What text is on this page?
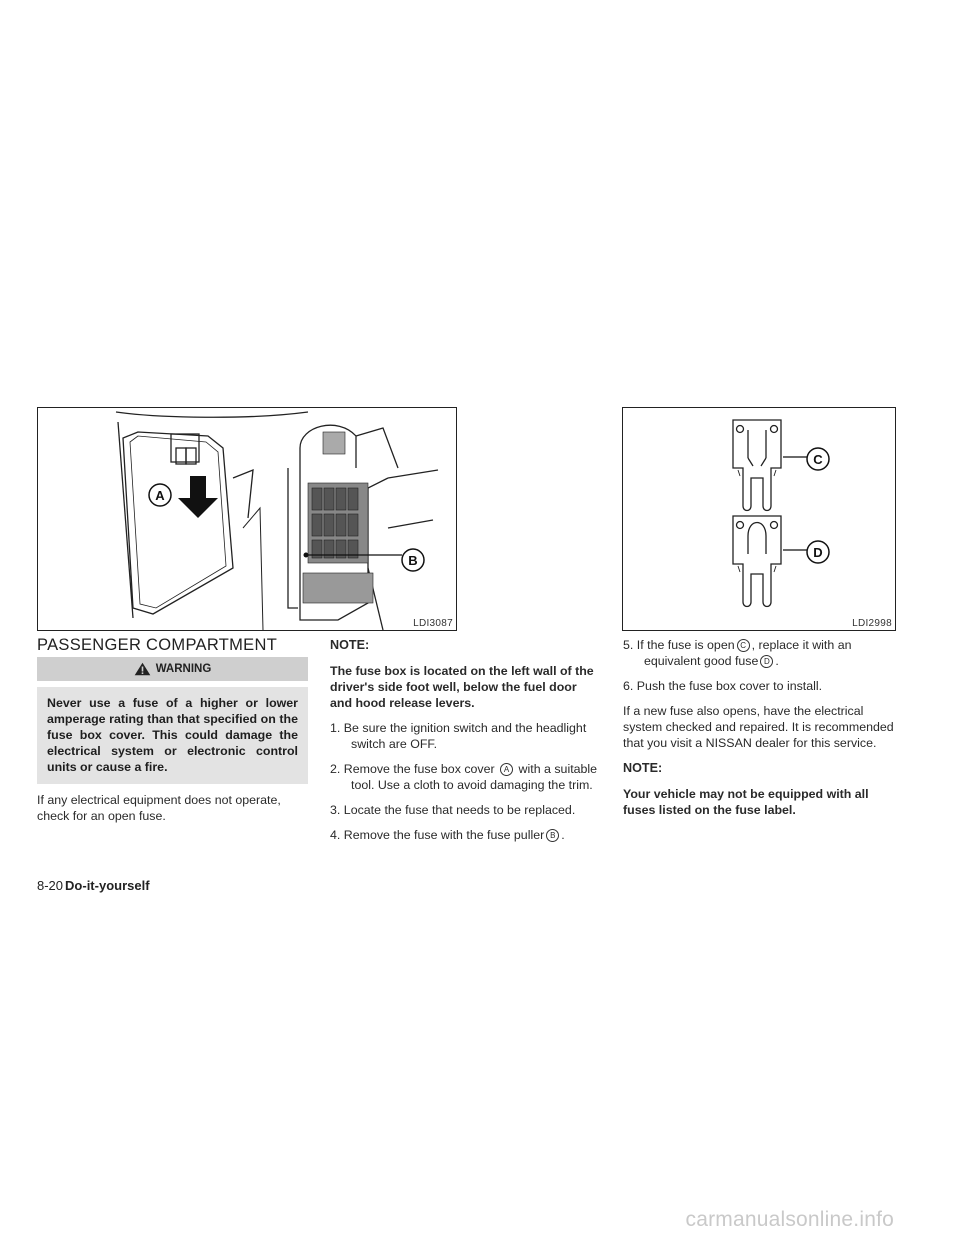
A
B
LDI3087
C
D
LDI2998
PASSENGER COMPARTMENT
WARNING
Never use a fuse of a higher or lower amperage rating than that specified on the fuse box cover. This could damage the electrical system or electronic control units or cause a fire.

If any electrical equipment does not operate, check for an open fuse.

NOTE:

The fuse box is located on the left wall of the driver's side foot well, below the fuel door and hood release levers.

1. Be sure the ignition switch and the headlight switch are OFF.
2. Remove the fuse box cover A with a suitable tool. Use a cloth to avoid damaging the trim.
3. Locate the fuse that needs to be replaced.
4. Remove the fuse with the fuse puller B .
5. If the fuse is open C , replace it with an equivalent good fuse D .
6. Push the fuse box cover to install.

If a new fuse also opens, have the electrical system checked and repaired. It is recommended that you visit a NISSAN dealer for this service.

NOTE:

Your vehicle may not be equipped with all fuses listed on the fuse label.

8-20 Do-it-yourself
carmanualsonline.info
